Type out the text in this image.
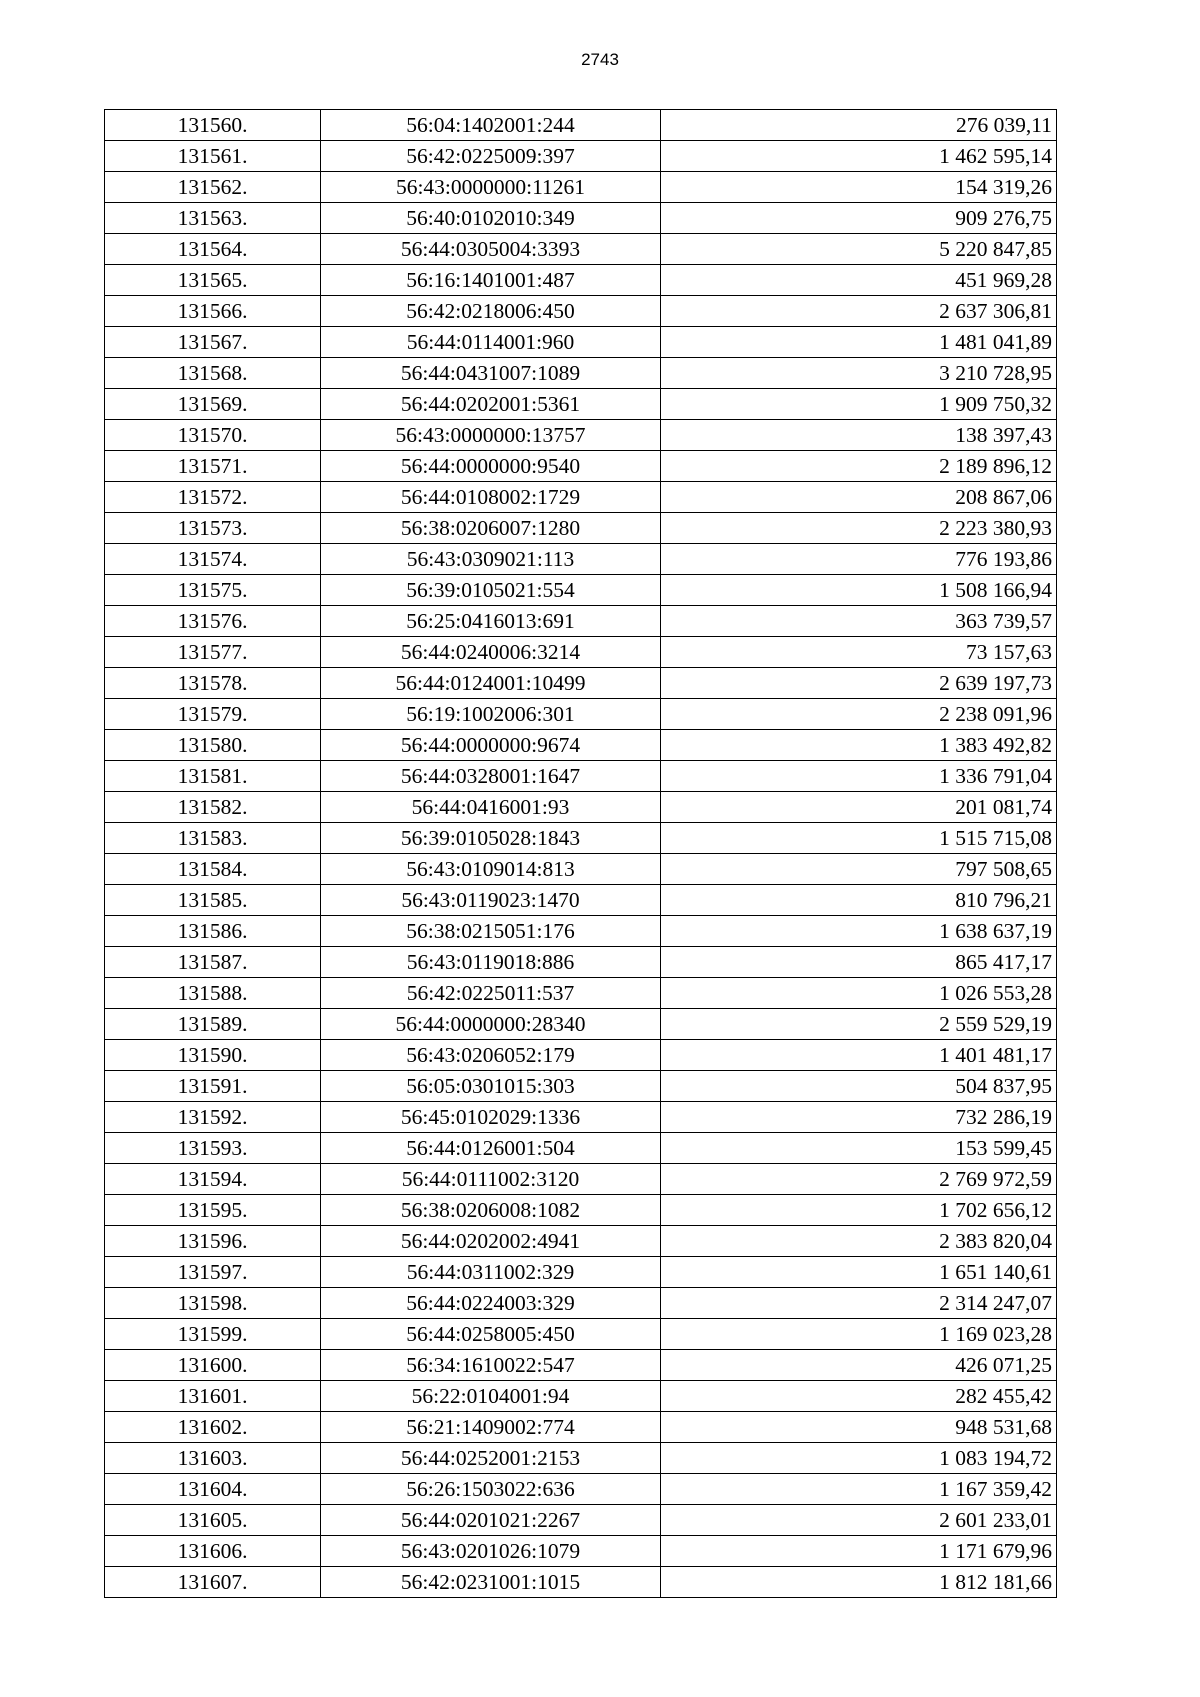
2743
131560.	56:04:1402001:244	276 039,11
131561.	56:42:0225009:397	1 462 595,14
131562.	56:43:0000000:11261	154 319,26
131563.	56:40:0102010:349	909 276,75
131564.	56:44:0305004:3393	5 220 847,85
131565.	56:16:1401001:487	451 969,28
131566.	56:42:0218006:450	2 637 306,81
131567.	56:44:0114001:960	1 481 041,89
131568.	56:44:0431007:1089	3 210 728,95
131569.	56:44:0202001:5361	1 909 750,32
131570.	56:43:0000000:13757	138 397,43
131571.	56:44:0000000:9540	2 189 896,12
131572.	56:44:0108002:1729	208 867,06
131573.	56:38:0206007:1280	2 223 380,93
131574.	56:43:0309021:113	776 193,86
131575.	56:39:0105021:554	1 508 166,94
131576.	56:25:0416013:691	363 739,57
131577.	56:44:0240006:3214	73 157,63
131578.	56:44:0124001:10499	2 639 197,73
131579.	56:19:1002006:301	2 238 091,96
131580.	56:44:0000000:9674	1 383 492,82
131581.	56:44:0328001:1647	1 336 791,04
131582.	56:44:0416001:93	201 081,74
131583.	56:39:0105028:1843	1 515 715,08
131584.	56:43:0109014:813	797 508,65
131585.	56:43:0119023:1470	810 796,21
131586.	56:38:0215051:176	1 638 637,19
131587.	56:43:0119018:886	865 417,17
131588.	56:42:0225011:537	1 026 553,28
131589.	56:44:0000000:28340	2 559 529,19
131590.	56:43:0206052:179	1 401 481,17
131591.	56:05:0301015:303	504 837,95
131592.	56:45:0102029:1336	732 286,19
131593.	56:44:0126001:504	153 599,45
131594.	56:44:0111002:3120	2 769 972,59
131595.	56:38:0206008:1082	1 702 656,12
131596.	56:44:0202002:4941	2 383 820,04
131597.	56:44:0311002:329	1 651 140,61
131598.	56:44:0224003:329	2 314 247,07
131599.	56:44:0258005:450	1 169 023,28
131600.	56:34:1610022:547	426 071,25
131601.	56:22:0104001:94	282 455,42
131602.	56:21:1409002:774	948 531,68
131603.	56:44:0252001:2153	1 083 194,72
131604.	56:26:1503022:636	1 167 359,42
131605.	56:44:0201021:2267	2 601 233,01
131606.	56:43:0201026:1079	1 171 679,96
131607.	56:42:0231001:1015	1 812 181,66
